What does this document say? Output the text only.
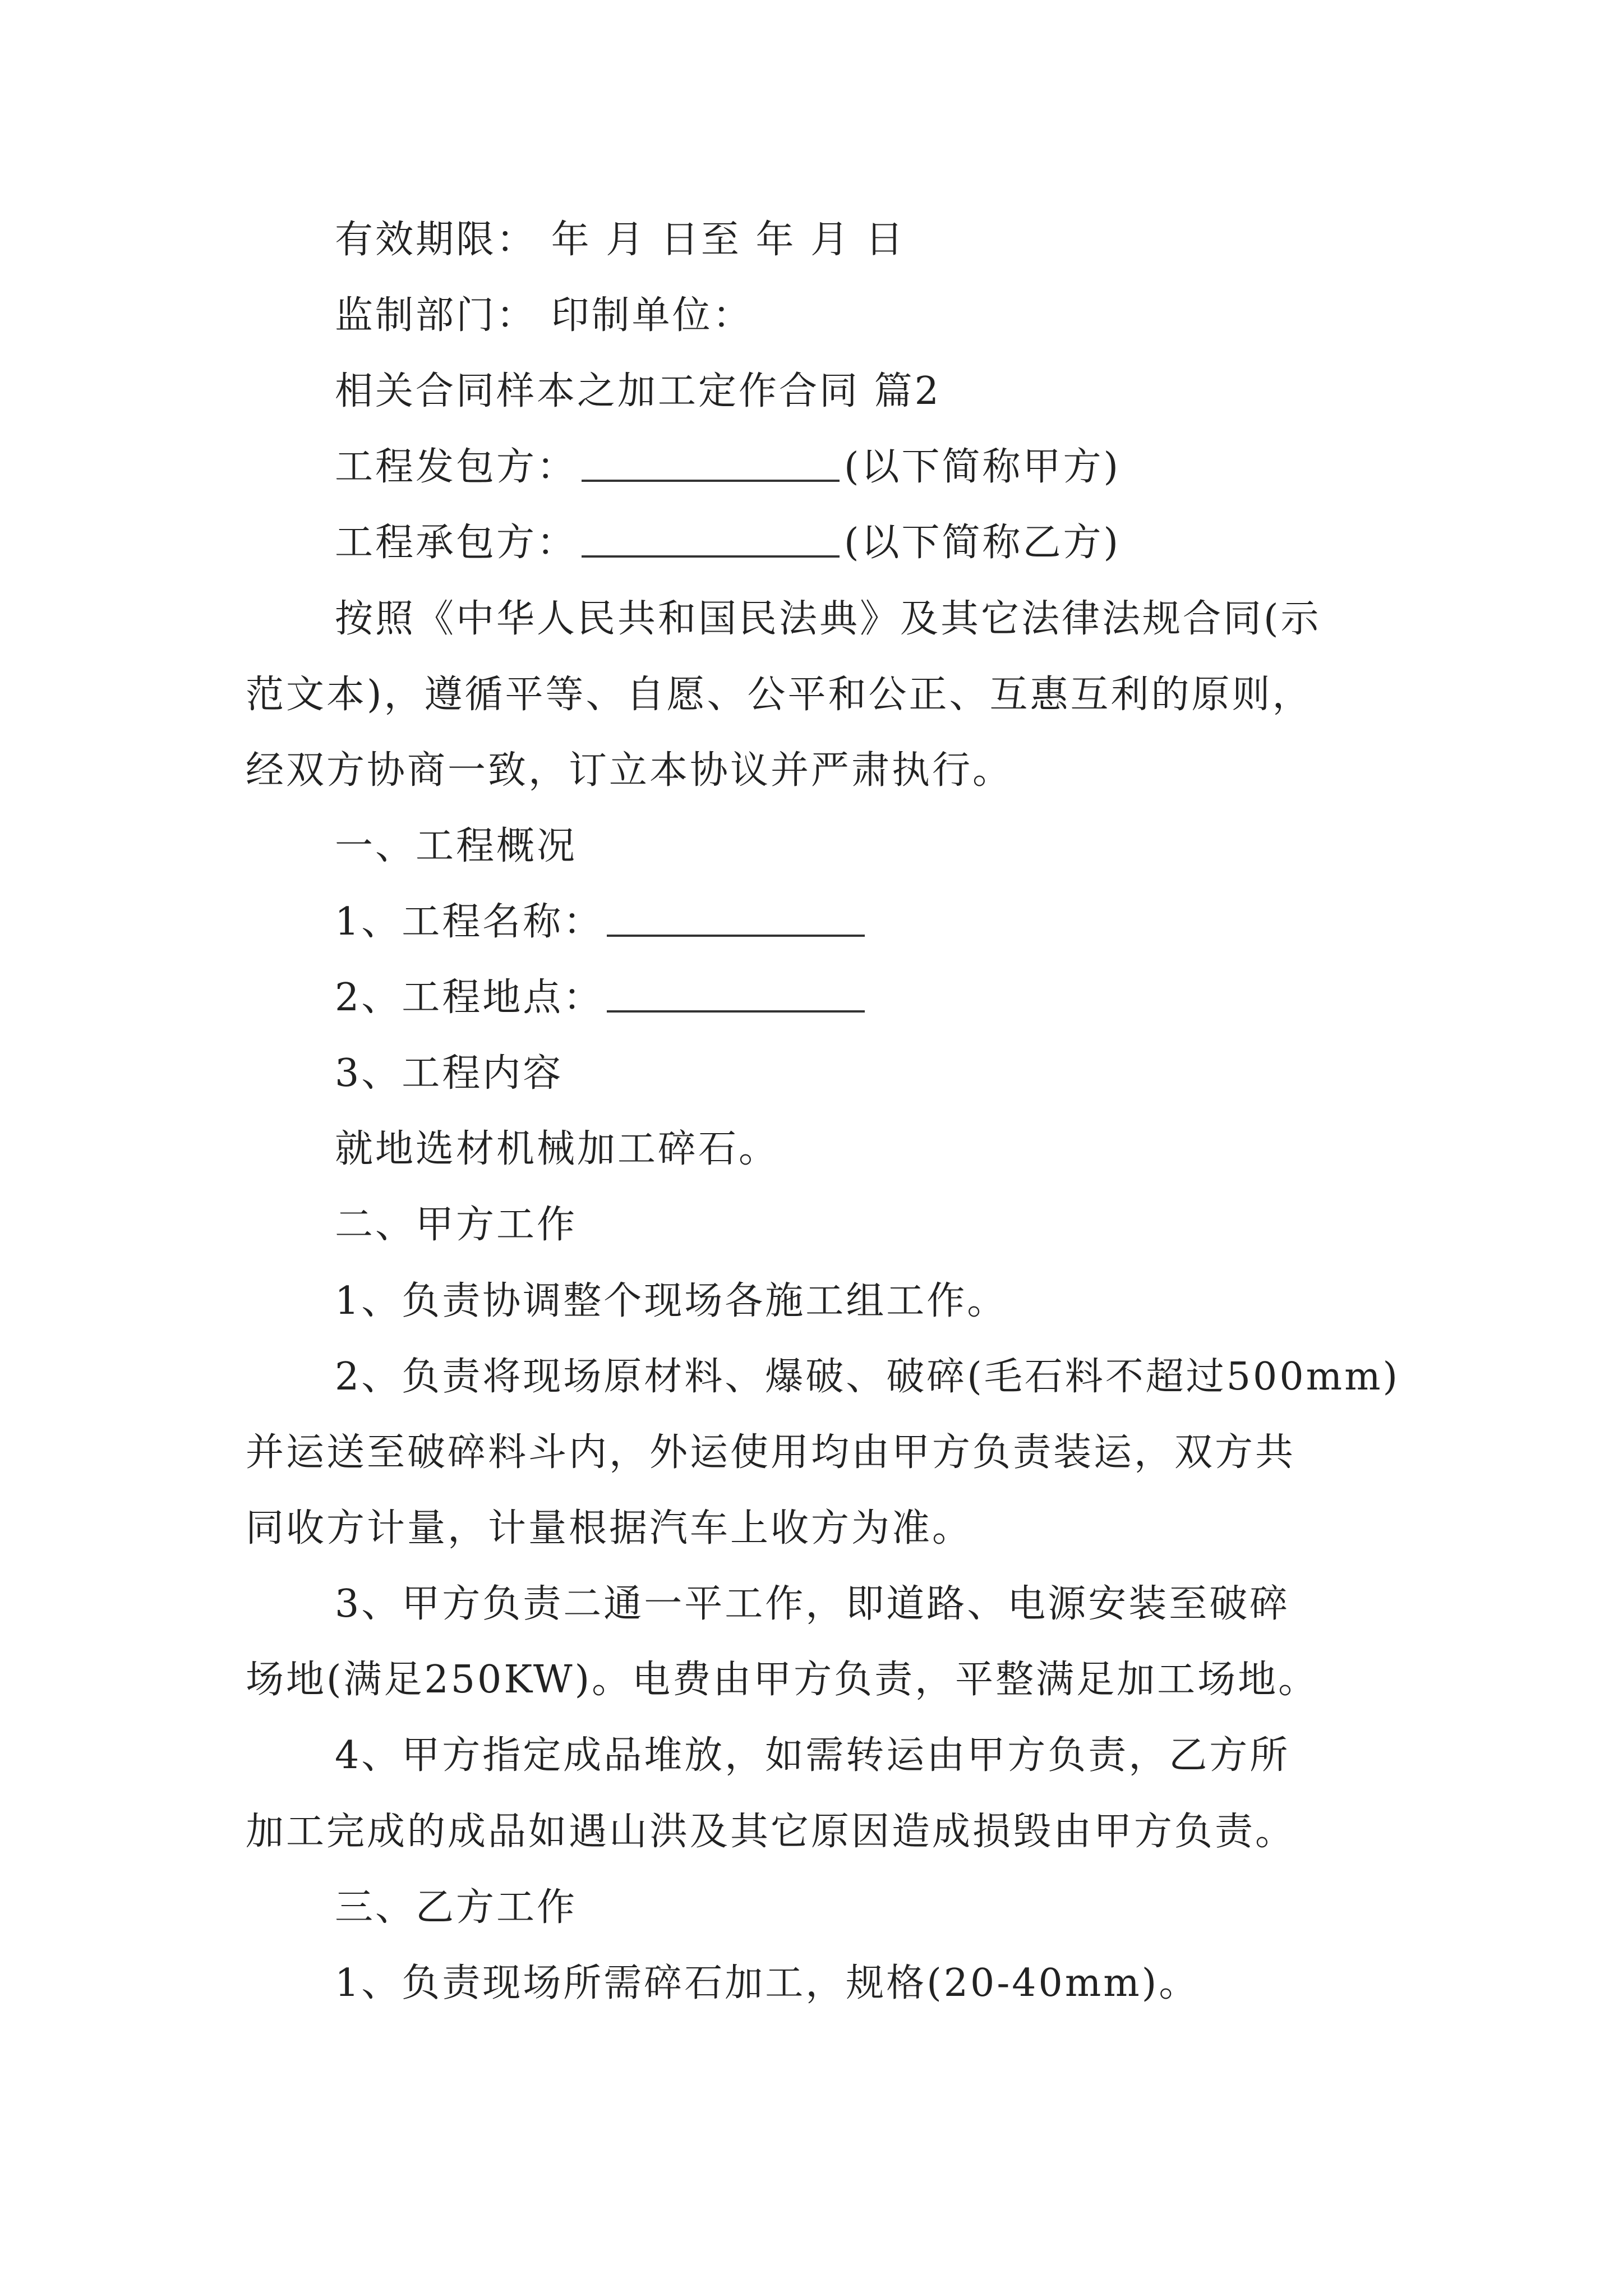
有效期限： 年 月 日至 年 月 日
监制部门： 印制单位：
相关合同样本之加工定作合同 篇2
工程发包方：	(以下简称甲方)
工程承包方：	(以下简称乙方)
按照《中华人民共和国民法典》及其它法律法规合同(示
范文本)，遵循平等、自愿、公平和公正、互惠互利的原则，
经双方协商一致，订立本协议并严肃执行。
一、工程概况
1、工程名称：
2、工程地点：
3、工程内容
就地选材机械加工碎石。
二、甲方工作
1、负责协调整个现场各施工组工作。
2、负责将现场原材料、爆破、破碎(毛石料不超过500mm)
并运送至破碎料斗内，外运使用均由甲方负责装运，双方共
同收方计量，计量根据汽车上收方为准。
3、甲方负责二通一平工作，即道路、电源安装至破碎
场地(满足250KW)。电费由甲方负责，平整满足加工场地。
4、甲方指定成品堆放，如需转运由甲方负责，乙方所
加工完成的成品如遇山洪及其它原因造成损毁由甲方负责。
三、乙方工作
1、负责现场所需碎石加工，规格(20-40mm)。
